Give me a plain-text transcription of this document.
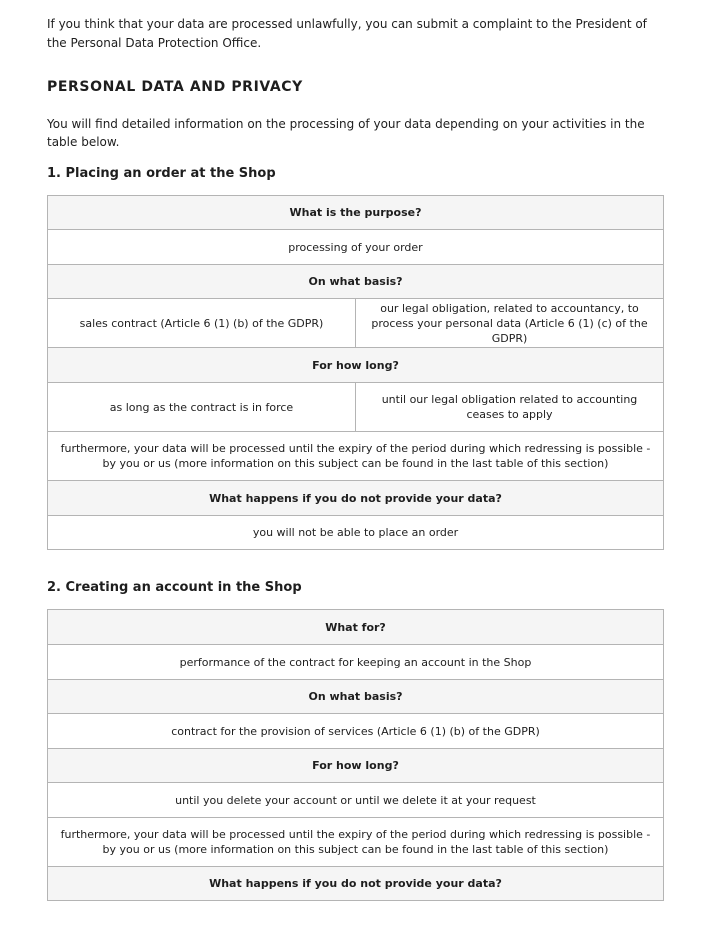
If you think that your data are processed unlawfully, you can submit a complaint to the President of the Personal Data Protection Office.

PERSONAL DATA AND PRIVACY

You will find detailed information on the processing of your data depending on your activities in the table below.

1. Placing an order at the Shop
What is the purpose?	
processing of your order	
On what basis?	
sales contract (Article 6 (1) (b) of the GDPR)	our legal obligation, related to accountancy, to process your personal data (Article 6 (1) (c) of the GDPR)
For how long?	
as long as the contract is in force	until our legal obligation related to accounting ceases to apply
furthermore, your data will be processed until the expiry of the period during which redressing is possible - by you or us (more information on this subject can be found in the last table of this section)	
What happens if you do not provide your data?	
you will not be able to place an order	
2. Creating an account in the Shop
What for?
performance of the contract for keeping an account in the Shop
On what basis?
contract for the provision of services (Article 6 (1) (b) of the GDPR)
For how long?
until you delete your account or until we delete it at your request
furthermore, your data will be processed until the expiry of the period during which redressing is possible - by you or us (more information on this subject can be found in the last table of this section)
What happens if you do not provide your data?
